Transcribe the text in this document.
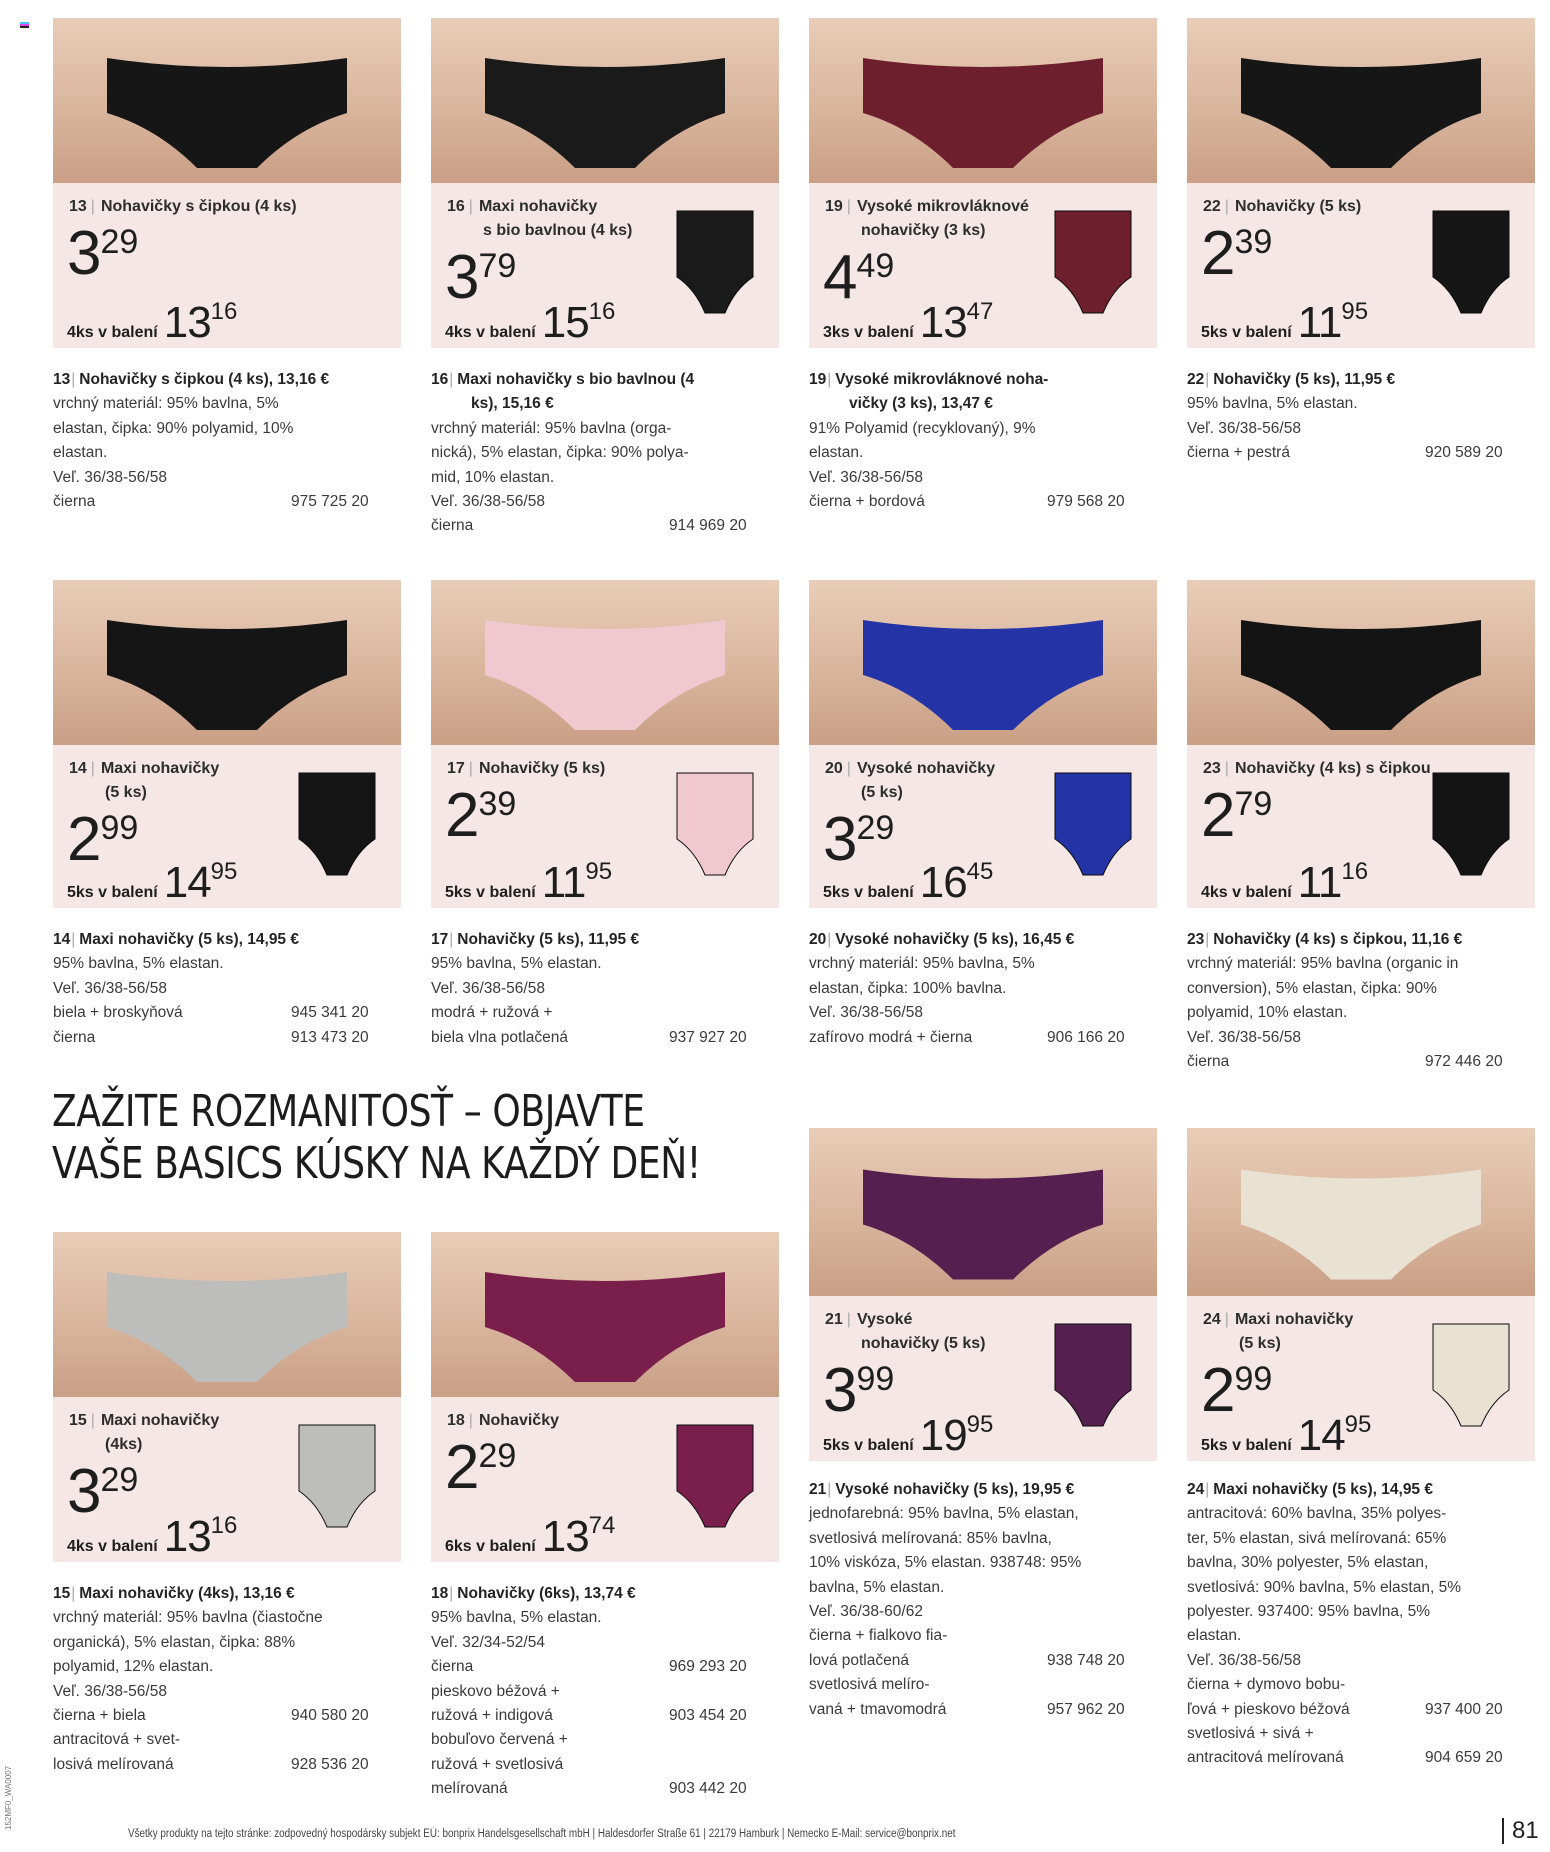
152MF0_WA0007
13 | Nohavičky s čipkou (4 ks)
329
4ks v balení 1316
13| Nohavičky s čipkou (4 ks), 13,16 €
vrchný materiál: 95% bavlna, 5%
elastan, čipka: 90% polyamid, 10%
elastan.
Veľ. 36/38-56/58
čierna	975 725 20
16 | Maxi nohavičky
s bio bavlnou (4 ks)
379
4ks v balení 1516
16| Maxi nohavičky s bio bavlnou (4
ks), 15,16 €
vrchný materiál: 95% bavlna (orga-
nická), 5% elastan, čipka: 90% polya-
mid, 10% elastan.
Veľ. 36/38-56/58
čierna	914 969 20
19 | Vysoké mikrovláknové
nohavičky (3 ks)
449
3ks v balení 1347
19| Vysoké mikrovláknové noha-
vičky (3 ks), 13,47 €
91% Polyamid (recyklovaný), 9%
elastan.
Veľ. 36/38-56/58
čierna + bordová	979 568 20
22 | Nohavičky (5 ks)
239
5ks v balení 1195
22| Nohavičky (5 ks), 11,95 €
95% bavlna, 5% elastan.
Veľ. 36/38-56/58
čierna + pestrá	920 589 20
14 | Maxi nohavičky
(5 ks)
299
5ks v balení 1495
14| Maxi nohavičky (5 ks), 14,95 €
95% bavlna, 5% elastan.
Veľ. 36/38-56/58
biela + broskyňová	945 341 20
čierna	913 473 20
17 | Nohavičky (5 ks)
239
5ks v balení 1195
17| Nohavičky (5 ks), 11,95 €
95% bavlna, 5% elastan.
Veľ. 36/38-56/58
modrá + ružová +
biela vlna potlačená	937 927 20
20 | Vysoké nohavičky
(5 ks)
329
5ks v balení 1645
20| Vysoké nohavičky (5 ks), 16,45 €
vrchný materiál: 95% bavlna, 5%
elastan, čipka: 100% bavlna.
Veľ. 36/38-56/58
zafírovo modrá + čierna	906 166 20
23 | Nohavičky (4 ks) s čipkou
279
4ks v balení 1116
23| Nohavičky (4 ks) s čipkou, 11,16 €
vrchný materiál: 95% bavlna (organic in
conversion), 5% elastan, čipka: 90%
polyamid, 10% elastan.
Veľ. 36/38-56/58
čierna	972 446 20
15 | Maxi nohavičky
(4ks)
329
4ks v balení 1316
15| Maxi nohavičky (4ks), 13,16 €
vrchný materiál: 95% bavlna (čiastočne
organická), 5% elastan, čipka: 88%
polyamid, 12% elastan.
Veľ. 36/38-56/58
čierna + biela	940 580 20
antracitová + svet-
losivá melírovaná	928 536 20
18 | Nohavičky
229
6ks v balení 1374
18| Nohavičky (6ks), 13,74 €
95% bavlna, 5% elastan.
Veľ. 32/34-52/54
čierna	969 293 20
pieskovo béžová +
ružová + indigová	903 454 20
bobuľovo červená +
ružová + svetlosivá
melírovaná	903 442 20
21 | Vysoké
nohavičky (5 ks)
399
5ks v balení 1995
21| Vysoké nohavičky (5 ks), 19,95 €
jednofarebná: 95% bavlna, 5% elastan,
svetlosivá melírovaná: 85% bavlna,
10% viskóza, 5% elastan. 938748: 95%
bavlna, 5% elastan.
Veľ. 36/38-60/62
čierna + fialkovo fia-
lová potlačená	938 748 20
svetlosivá melíro-
vaná + tmavomodrá	957 962 20
24 | Maxi nohavičky
(5 ks)
299
5ks v balení 1495
24| Maxi nohavičky (5 ks), 14,95 €
antracitová: 60% bavlna, 35% polyes-
ter, 5% elastan, sivá melírovaná: 65%
bavlna, 30% polyester, 5% elastan,
svetlosivá: 90% bavlna, 5% elastan, 5%
polyester. 937400: 95% bavlna, 5%
elastan.
Veľ. 36/38-56/58
čierna + dymovo bobu-
ľová + pieskovo béžová	937 400 20
svetlosivá + sivá +
antracitová melírovaná	904 659 20
ZAŽITE ROZMANITOSŤ – OBJAVTE
VAŠE BASICS KÚSKY NA KAŽDÝ DEŇ!
Všetky produkty na tejto stránke: zodpovedný hospodársky subjekt EÚ: bonprix Handelsgesellschaft mbH | Haldesdorfer Straße 61 | 22179 Hamburk | Nemecko E-Mail: service@bonprix.net	81
